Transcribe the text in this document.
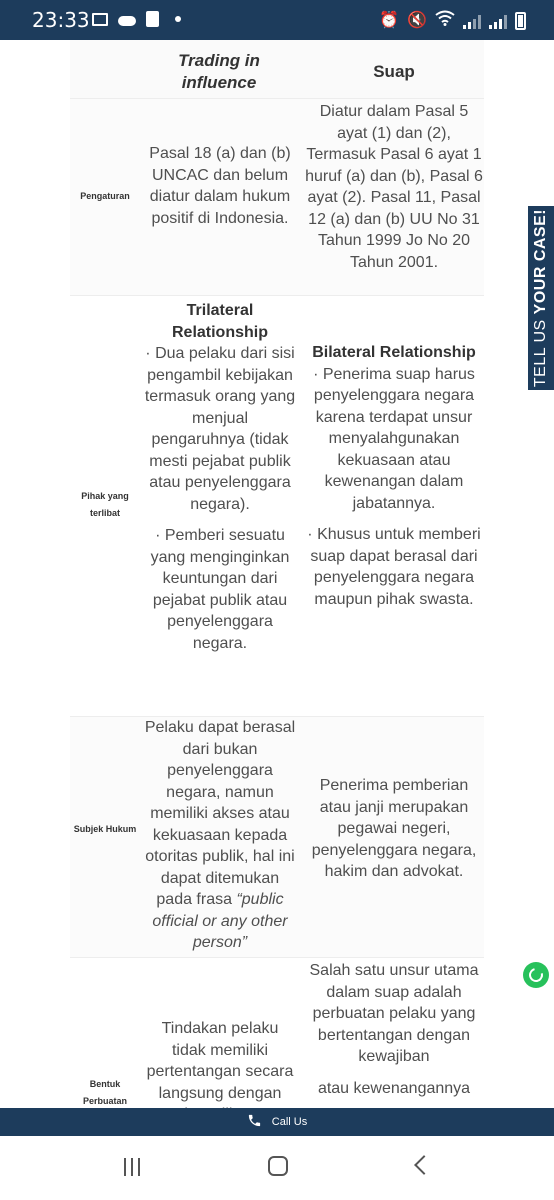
23:33	⏰ 🔇
Trading in influence
Suap
Pengaturan
Pasal 18 (a) dan (b) UNCAC dan belum diatur dalam hukum positif di Indonesia.
Diatur dalam Pasal 5 ayat (1) dan (2), Termasuk Pasal 6 ayat 1 huruf (a) dan (b), Pasal 6 ayat (2). Pasal 11, Pasal 12 (a) dan (b) UU No 31 Tahun 1999 Jo No 20 Tahun 2001.
Pihak yang terlibat

Trilateral Relationship

· Dua pelaku dari sisi pengambil kebijakan termasuk orang yang menjual pengaruhnya (tidak mesti pejabat publik atau penyelenggara negara).

· Pemberi sesuatu yang menginginkan keuntungan dari pejabat publik atau penyelenggara negara.

Bilateral Relationship

· Penerima suap harus penyelenggara negara karena terdapat unsur menyalahgunakan kekuasaan atau kewenangan dalam jabatannya.

· Khusus untuk memberi suap dapat berasal dari penyelenggara negara maupun pihak swasta.

Subjek Hukum
Pelaku dapat berasal dari bukan penyelenggara negara, namun memiliki akses atau kekuasaan kepada otoritas publik, hal ini dapat ditemukan pada frasa “public official or any other person”
Penerima pemberian atau janji merupakan pegawai negeri, penyelenggara negara, hakim dan advokat.
Bentuk Perbuatan
Tindakan pelaku tidak memiliki pertentangan secara langsung dengan

Salah satu unsur utama dalam suap adalah perbuatan pelaku yang bertentangan dengan kewajiban

atau kewenangannya

TELL US YOUR CASE!
Call Us
